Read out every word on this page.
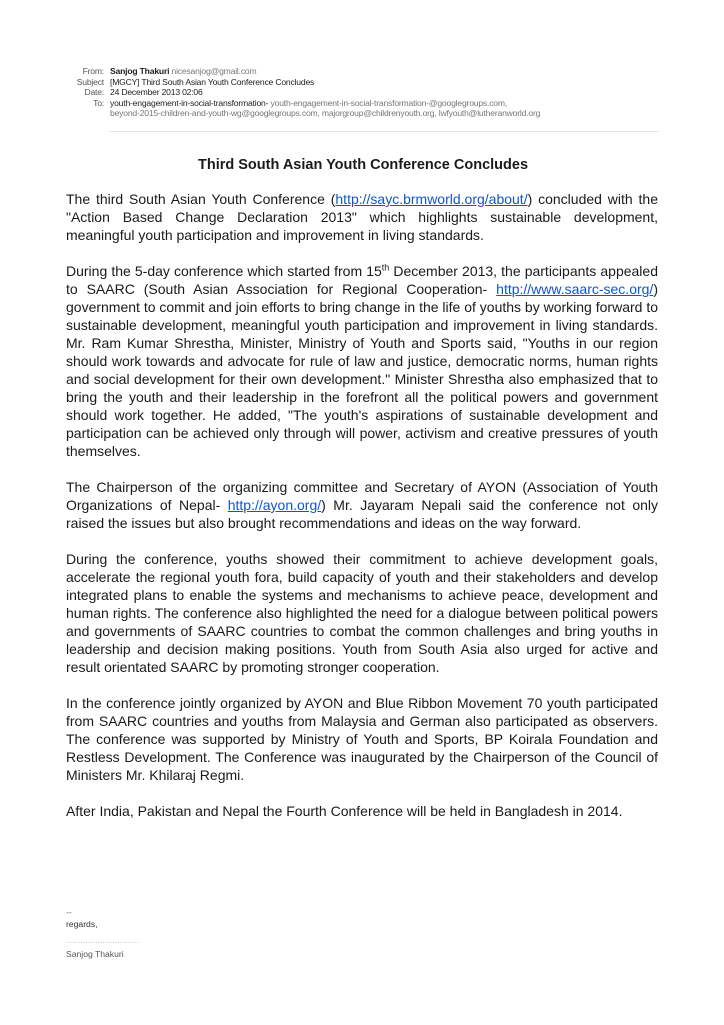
From: Sanjog Thakuri nicesanjog@gmail.com
Subject [MGCY] Third South Asian Youth Conference Concludes
Date: 24 December 2013 02:06
To: youth-engagement-in-social-transformation- youth-engagement-in-social-transformation-@googlegroups.com,
beyond-2015-children-and-youth-wg@googlegroups.com, majorgroup@childrenyouth.org, lwfyouth@lutheranworld.org
Third South Asian Youth Conference Concludes

The third South Asian Youth Conference (http://sayc.brmworld.org/about/) concluded with the "Action Based Change Declaration 2013" which highlights sustainable development, meaningful youth participation and improvement in living standards.

During the 5-day conference which started from 15th December 2013, the participants appealed to SAARC (South Asian Association for Regional Cooperation- http://www.saarc-sec.org/) government to commit and join efforts to bring change in the life of youths by working forward to sustainable development, meaningful youth participation and improvement in living standards. Mr. Ram Kumar Shrestha, Minister, Ministry of Youth and Sports said, "Youths in our region should work towards and advocate for rule of law and justice, democratic norms, human rights and social development for their own development." Minister Shrestha also emphasized that to bring the youth and their leadership in the forefront all the political powers and government should work together. He added, "The youth's aspirations of sustainable development and participation can be achieved only through will power, activism and creative pressures of youth themselves.

The Chairperson of the organizing committee and Secretary of AYON (Association of Youth Organizations of Nepal- http://ayon.org/) Mr. Jayaram Nepali said the conference not only raised the issues but also brought recommendations and ideas on the way forward.

During the conference, youths showed their commitment to achieve development goals, accelerate the regional youth fora, build capacity of youth and their stakeholders and develop integrated plans to enable the systems and mechanisms to achieve peace, development and human rights. The conference also highlighted the need for a dialogue between political powers and governments of SAARC countries to combat the common challenges and bring youths in leadership and decision making positions. Youth from South Asia also urged for active and result orientated SAARC by promoting stronger cooperation.

In the conference jointly organized by AYON and Blue Ribbon Movement 70 youth participated from SAARC countries and youths from Malaysia and German also participated as observers. The conference was supported by Ministry of Youth and Sports, BP Koirala Foundation and Restless Development. The Conference was inaugurated by the Chairperson of the Council of Ministers Mr. Khilaraj Regmi.

After India, Pakistan and Nepal the Fourth Conference will be held in Bangladesh in 2014.

--
regards,
..............................
Sanjog Thakuri
